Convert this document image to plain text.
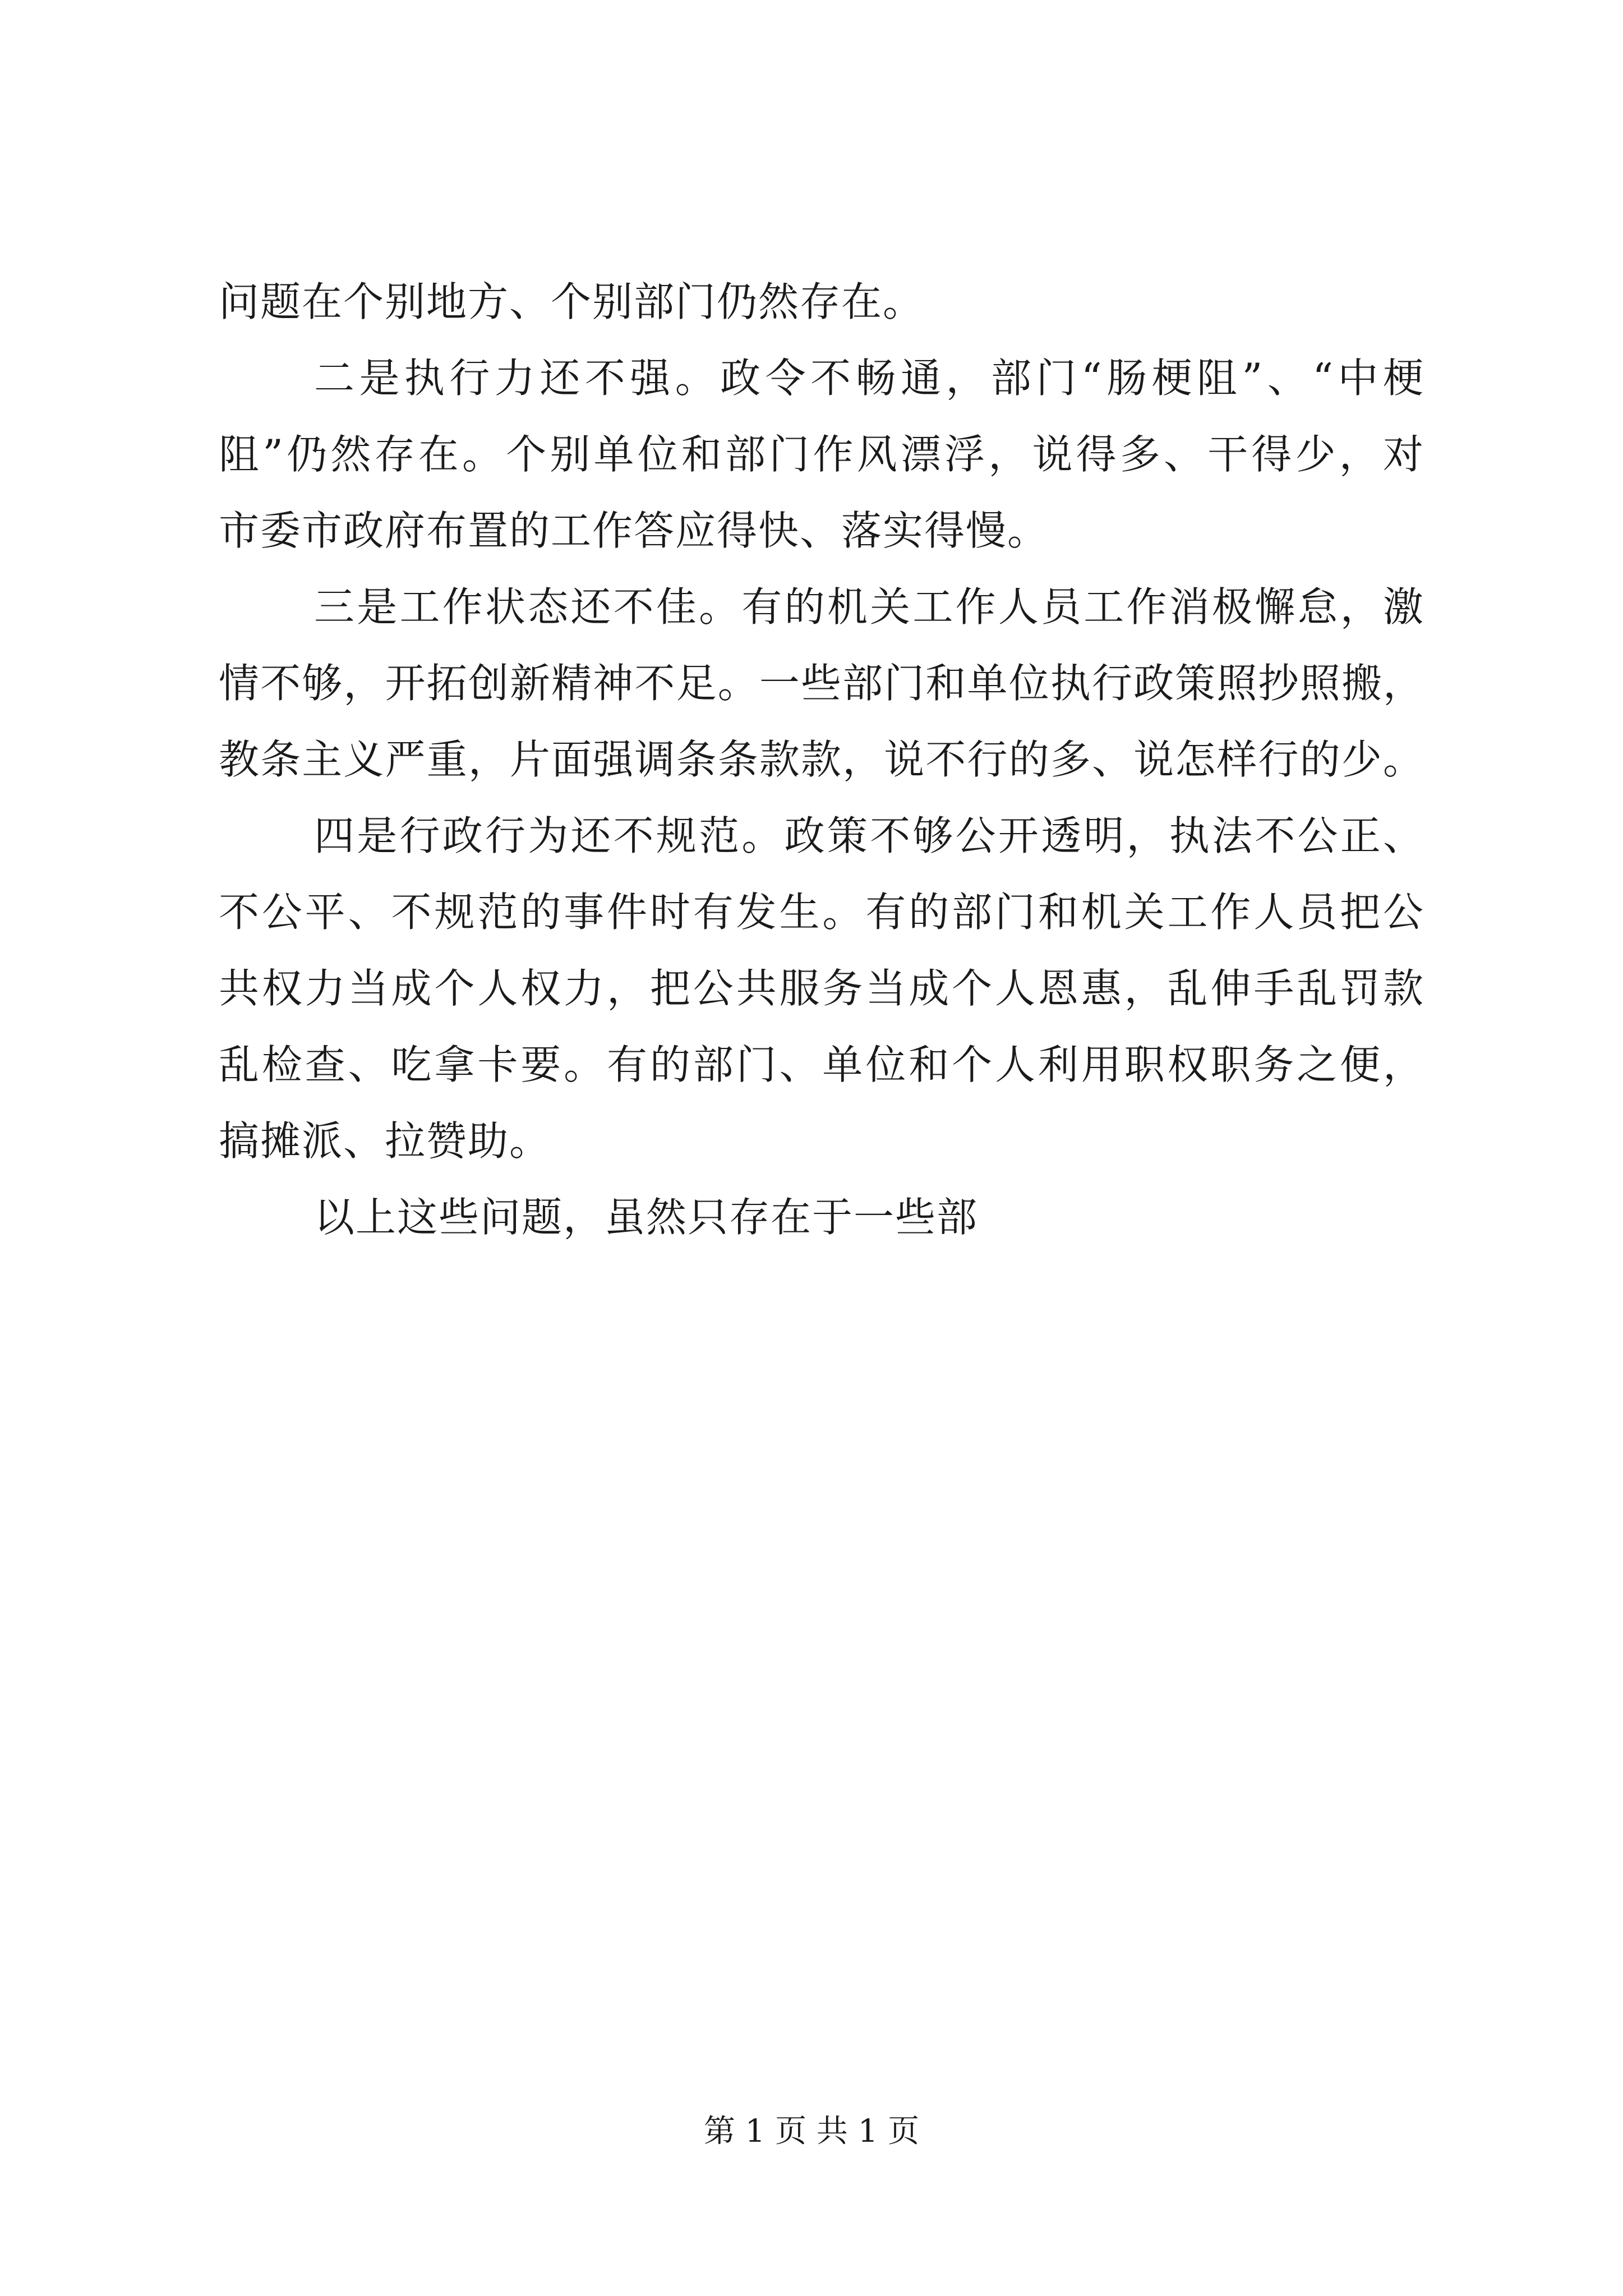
问题在个别地方、个别部门仍然存在。
二是执行力还不强。政令不畅通，部门“肠梗阻”、“中梗
阻”仍然存在。个别单位和部门作风漂浮，说得多、干得少，对
市委市政府布置的工作答应得快、落实得慢。
三是工作状态还不佳。有的机关工作人员工作消极懈怠，激
情不够，开拓创新精神不足。一些部门和单位执行政策照抄照搬，
教条主义严重，片面强调条条款款，说不行的多、说怎样行的少。
四是行政行为还不规范。政策不够公开透明，执法不公正、
不公平、不规范的事件时有发生。有的部门和机关工作人员把公
共权力当成个人权力，把公共服务当成个人恩惠，乱伸手乱罚款
乱检查、吃拿卡要。有的部门、单位和个人利用职权职务之便，
搞摊派、拉赞助。
以上这些问题，虽然只存在于一些部
第 1 页 共 1 页
